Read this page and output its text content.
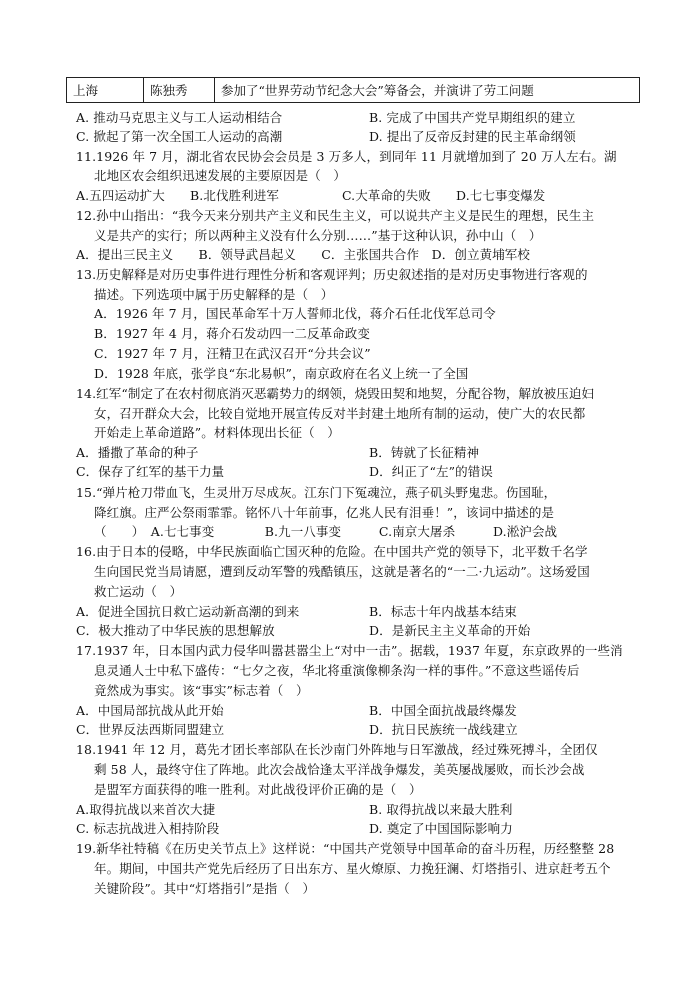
上海	陈独秀	参加了“世界劳动节纪念大会”筹备会，并演讲了劳工问题
A. 推动马克思主义与工人运动相结合	B. 完成了中国共产党早期组织的建立
C. 掀起了第一次全国工人运动的高潮	D. 提出了反帝反封建的民主革命纲领
11.1926 年 7 月，湖北省农民协会会员是 3 万多人，到同年 11 月就增加到了 20 万人左右。湖
北地区农会组织迅速发展的主要原因是（　）
A.五四运动扩大　　B.北伐胜利进军　　　　　C.大革命的失败　　D.七七事变爆发
12.孙中山指出：“我今天来分别共产主义和民生主义，可以说共产主义是民生的理想，民生主
义是共产的实行；所以两种主义没有什么分别……”基于这种认识，孙中山（　）
A．提出三民主义　　B．领导武昌起义　　C．主张国共合作　D．创立黄埔军校
13.历史解释是对历史事件进行理性分析和客观评判；历史叙述指的是对历史事物进行客观的
描述。下列选项中属于历史解释的是（　）
A．1926 年 7 月，国民革命军十万人誓师北伐，蒋介石任北伐军总司令
B．1927 年 4 月，蒋介石发动四一二反革命政变
C．1927 年 7 月，汪精卫在武汉召开“分共会议”
D．1928 年底，张学良“东北易帜”，南京政府在名义上统一了全国
14.红军“制定了在农村彻底消灭恶霸势力的纲领，烧毁田契和地契，分配谷物，解放被压迫妇
女，召开群众大会，比较自觉地开展宣传反对半封建土地所有制的运动，使广大的农民都
开始走上革命道路”。材料体现出长征（　）
A．播撒了革命的种子	B．铸就了长征精神
C．保存了红军的基干力量	D．纠正了“左”的错误
15.“弹片枪刀带血飞，生灵卅万尽成灰。江东门下冤魂泣，燕子矶头野鬼悲。伤国耻，
降红旗。庄严公祭雨霏霏。铭怀八十年前事，亿兆人民有泪垂！”，该词中描述的是
（　　）　A.七七事变　　　　B.九一八事变　　　C.南京大屠杀　　　D.淞沪会战
16.由于日本的侵略，中华民族面临亡国灭种的危险。在中国共产党的领导下，北平数千名学
生向国民党当局请愿，遭到反动军警的残酷镇压，这就是著名的“一二·九运动”。这场爱国
救亡运动（　）
A．促进全国抗日救亡运动新高潮的到来	B．标志十年内战基本结束
C．极大推动了中华民族的思想解放	D．是新民主主义革命的开始
17.1937 年，日本国内武力侵华叫嚣甚嚣尘上“对中一击”。据载，1937 年夏，东京政界的一些消
息灵通人士中私下盛传：“七夕之夜，华北将重演像柳条沟一样的事件。”不意这些谣传后
竟然成为事实。该“事实”标志着（　）
A．中国局部抗战从此开始	B．中国全面抗战最终爆发
C．世界反法西斯同盟建立	D．抗日民族统一战线建立
18.1941 年 12 月，葛先才团长率部队在长沙南门外阵地与日军激战，经过殊死搏斗，全团仅
剩 58 人，最终守住了阵地。此次会战恰逢太平洋战争爆发，美英屡战屡败，而长沙会战
是盟军方面获得的唯一胜利。对此战役评价正确的是（　）
A.取得抗战以来首次大捷	B. 取得抗战以来最大胜利
C. 标志抗战进入相持阶段	D. 奠定了中国国际影响力
19.新华社特稿《在历史关节点上》这样说：“中国共产党领导中国革命的奋斗历程，历经整整 28
年。期间，中国共产党先后经历了日出东方、星火燎原、力挽狂澜、灯塔指引、进京赶考五个
关键阶段”。其中“灯塔指引”是指（　）
